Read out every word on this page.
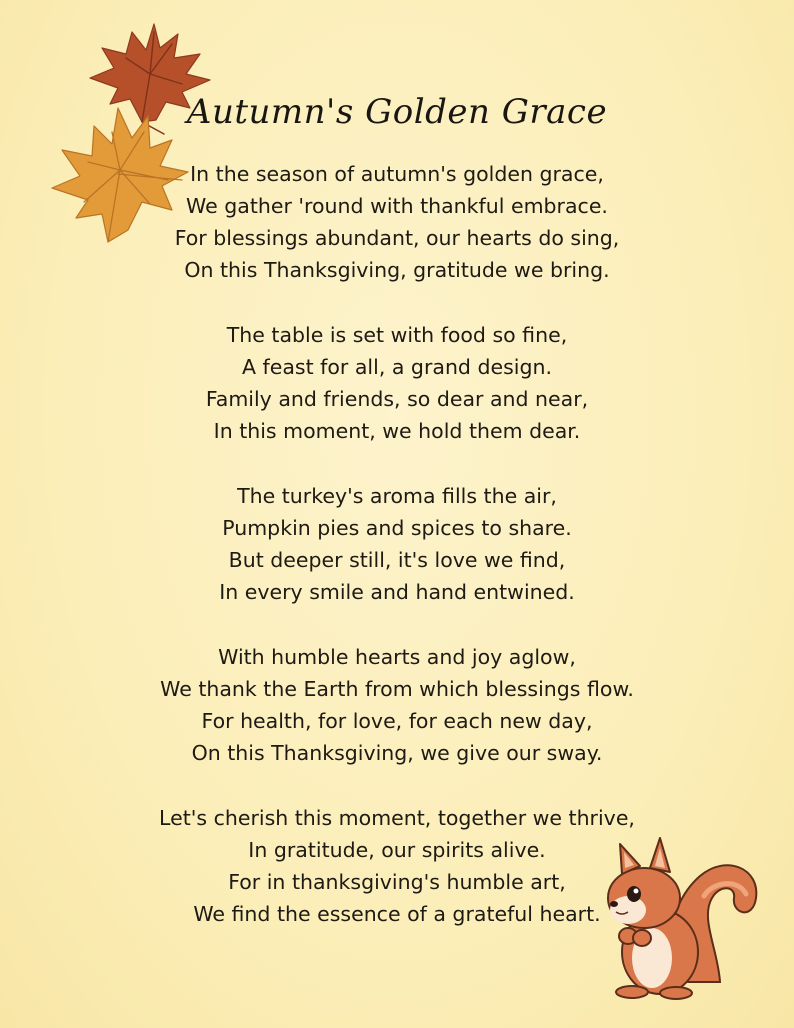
Autumn's Golden Grace
In the season of autumn's golden grace,
We gather 'round with thankful embrace.
For blessings abundant, our hearts do sing,
On this Thanksgiving, gratitude we bring.
The table is set with food so fine,
A feast for all, a grand design.
Family and friends, so dear and near,
In this moment, we hold them dear.
The turkey's aroma fills the air,
Pumpkin pies and spices to share.
But deeper still, it's love we find,
In every smile and hand entwined.
With humble hearts and joy aglow,
We thank the Earth from which blessings flow.
For health, for love, for each new day,
On this Thanksgiving, we give our sway.
Let's cherish this moment, together we thrive,
In gratitude, our spirits alive.
For in thanksgiving's humble art,
We find the essence of a grateful heart.
